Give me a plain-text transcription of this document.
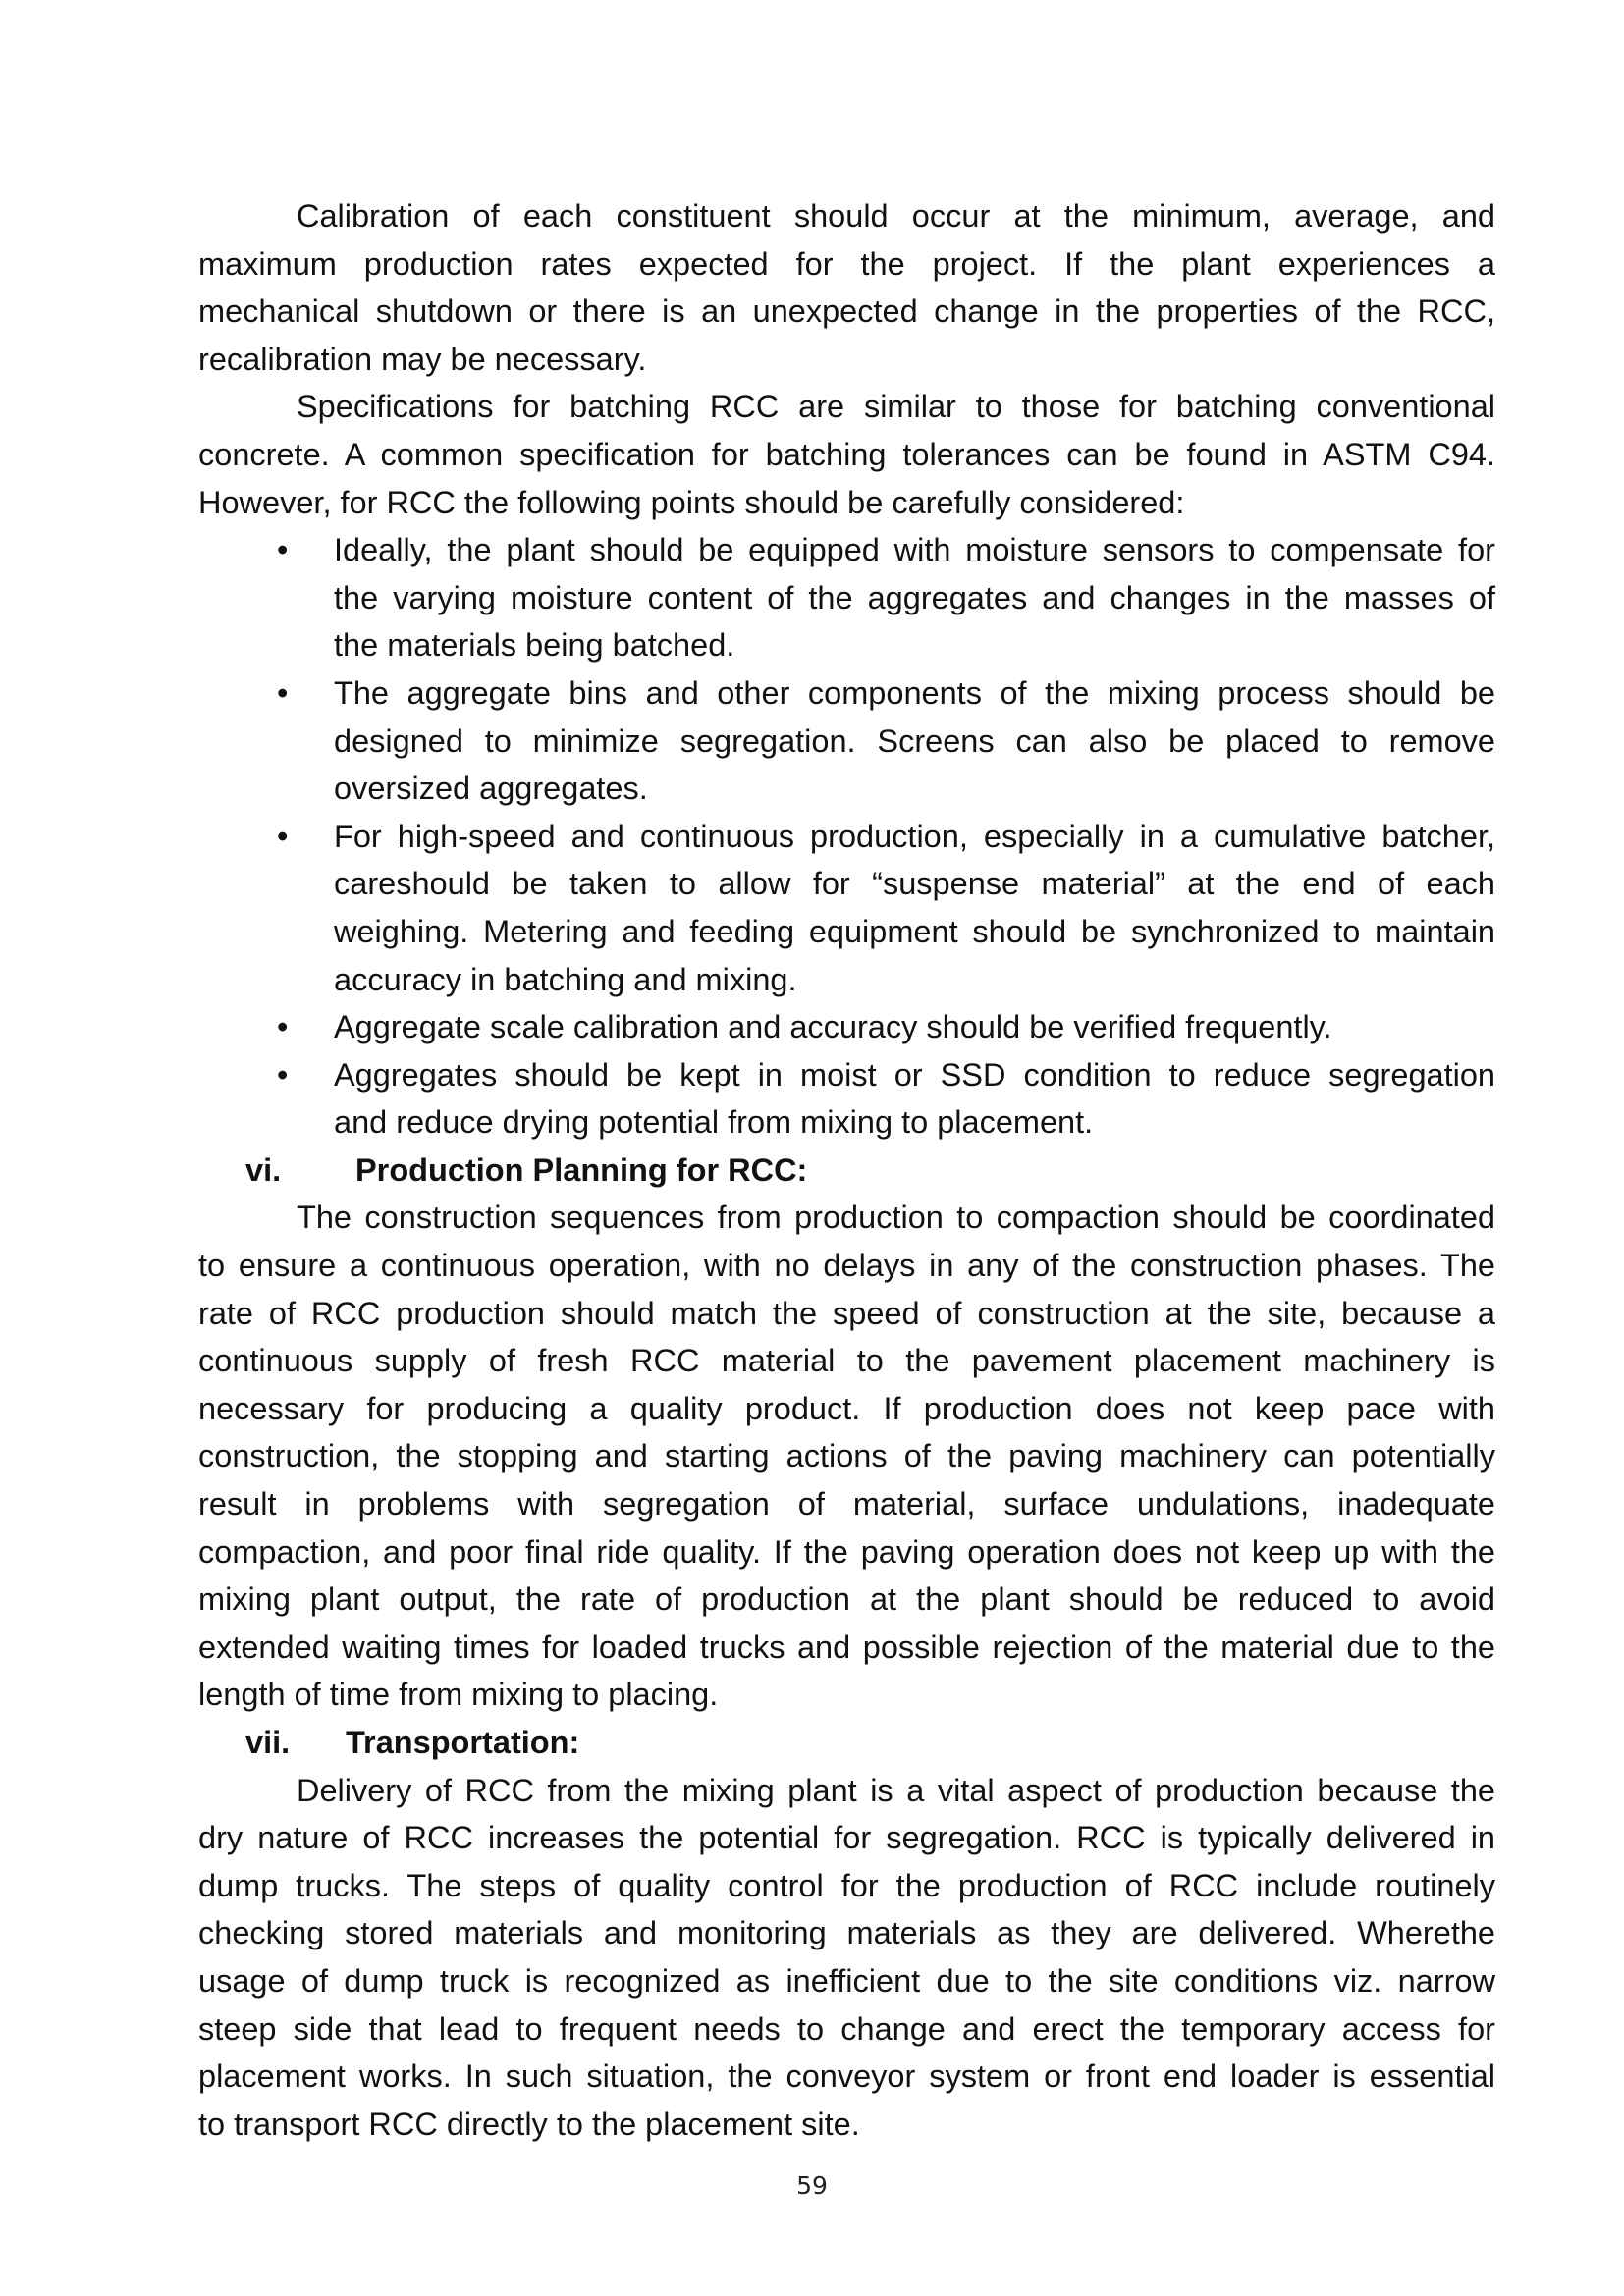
Calibration of each constituent should occur at the minimum, average, and
maximum production rates expected for the project. If the plant experiences a
mechanical shutdown or there is an unexpected change in the properties of the RCC,
recalibration may be necessary.
Specifications for batching RCC are similar to those for batching conventional
concrete. A common specification for batching tolerances can be found in ASTM C94.
However, for RCC the following points should be carefully considered:
• Ideally, the plant should be equipped with moisture sensors to compensate for
the varying moisture content of the aggregates and changes in the masses of
the materials being batched.
• The aggregate bins and other components of the mixing process should be
designed to minimize segregation. Screens can also be placed to remove
oversized aggregates.
• For high-speed and continuous production, especially in a cumulative batcher,
careshould be taken to allow for “suspense material” at the end of each
weighing. Metering and feeding equipment should be synchronized to maintain
accuracy in batching and mixing.
• Aggregate scale calibration and accuracy should be verified frequently.
• Aggregates should be kept in moist or SSD condition to reduce segregation
and reduce drying potential from mixing to placement.
vi. Production Planning for RCC:
The construction sequences from production to compaction should be coordinated
to ensure a continuous operation, with no delays in any of the construction phases. The
rate of RCC production should match the speed of construction at the site, because a
continuous supply of fresh RCC material to the pavement placement machinery is
necessary for producing a quality product. If production does not keep pace with
construction, the stopping and starting actions of the paving machinery can potentially
result in problems with segregation of material, surface undulations, inadequate
compaction, and poor final ride quality. If the paving operation does not keep up with the
mixing plant output, the rate of production at the plant should be reduced to avoid
extended waiting times for loaded trucks and possible rejection of the material due to the
length of time from mixing to placing.
vii. Transportation:
Delivery of RCC from the mixing plant is a vital aspect of production because the
dry nature of RCC increases the potential for segregation. RCC is typically delivered in
dump trucks. The steps of quality control for the production of RCC include routinely
checking stored materials and monitoring materials as they are delivered. Wherethe
usage of dump truck is recognized as inefficient due to the site conditions viz. narrow
steep side that lead to frequent needs to change and erect the temporary access for
placement works. In such situation, the conveyor system or front end loader is essential
to transport RCC directly to the placement site.
59
